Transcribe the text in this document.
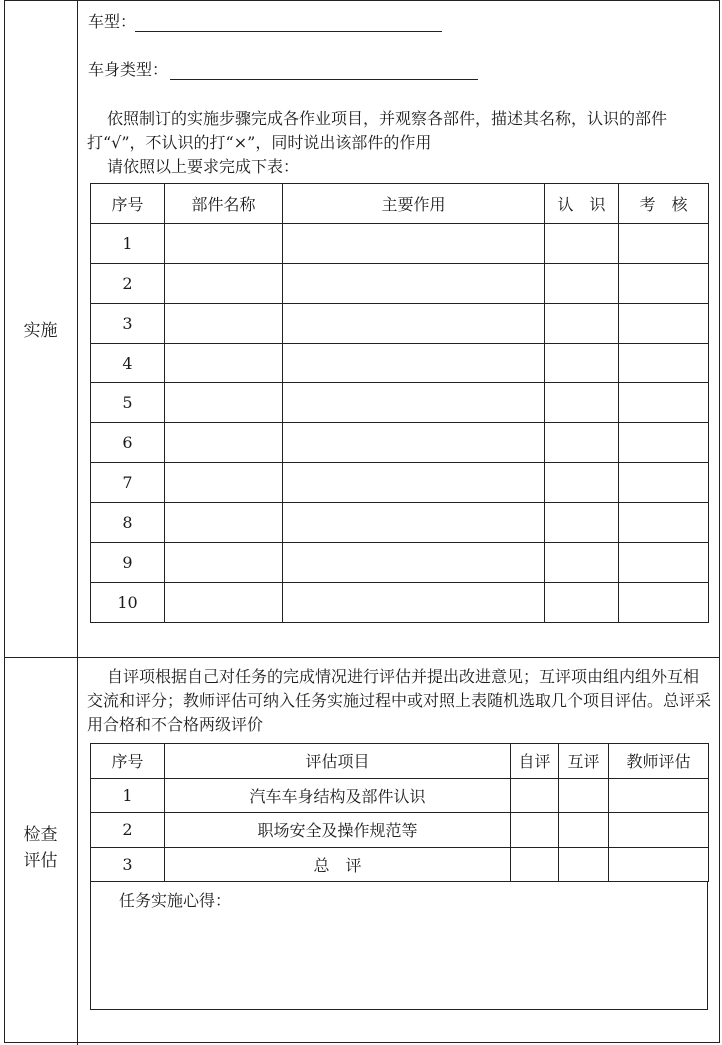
实施
车型：
车身类型：

依照制订的实施步骤完成各作业项目，并观察各部件，描述其名称，认识的部件打“√”，不认识的打“×”，同时说出该部件的作用

请依照以上要求完成下表：

序号	部件名称	主要作用	认　识	考　核
1				
2				
3				
4				
5				
6				
7				
8				
9				
10				
检查
评估

自评项根据自己对任务的完成情况进行评估并提出改进意见；互评项由组内组外互相交流和评分；教师评估可纳入任务实施过程中或对照上表随机选取几个项目评估。总评采用合格和不合格两级评价

序号	评估项目	自评	互评	教师评估
1	汽车车身结构及部件认识			
2	职场安全及操作规范等			
3	总　评			
任务实施心得：
